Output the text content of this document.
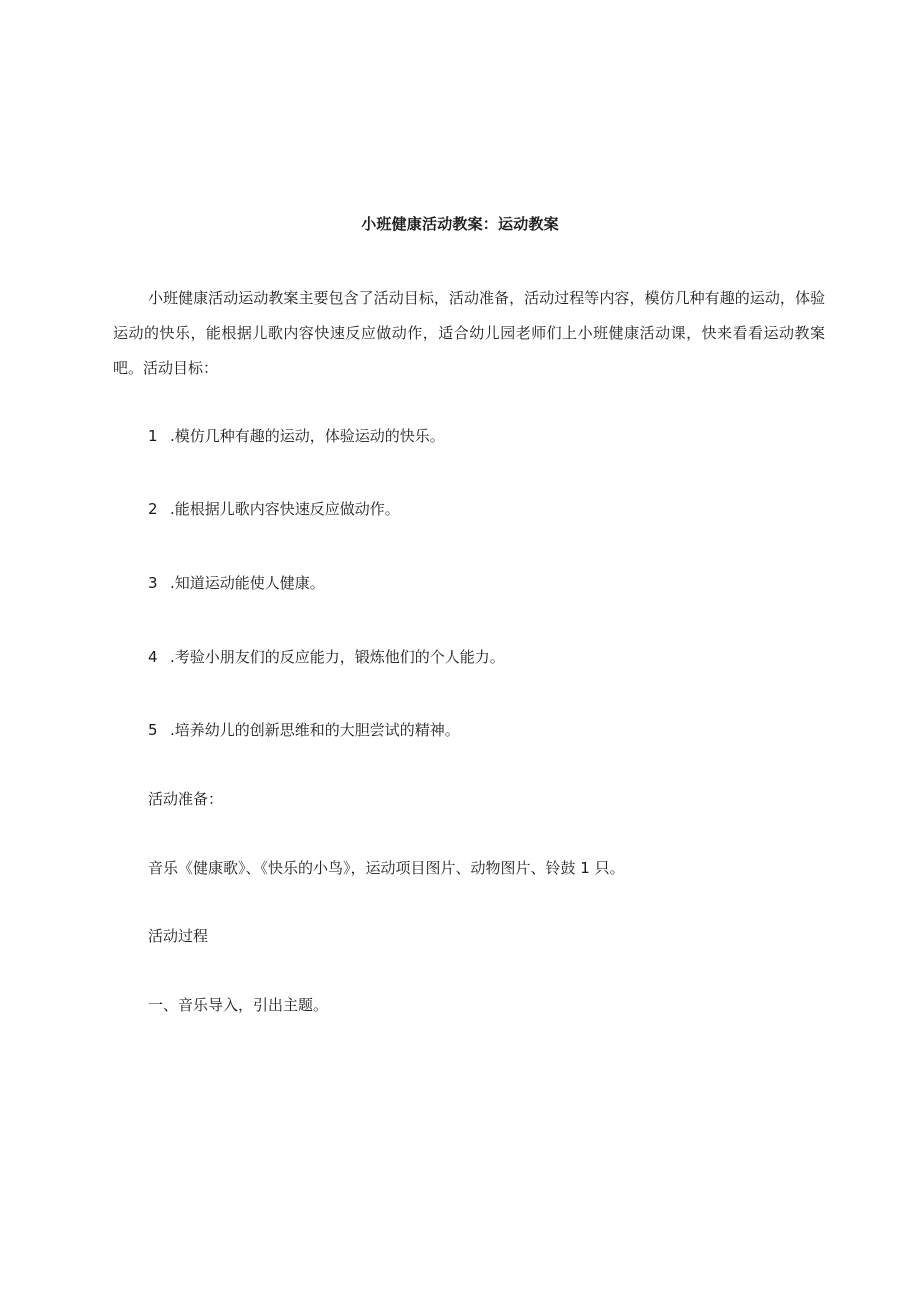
小班健康活动教案：运动教案

小班健康活动运动教案主要包含了活动目标，活动准备，活动过程等内容，模仿几种有趣的运动，体验运动的快乐，能根据儿歌内容快速反应做动作，适合幼儿园老师们上小班健康活动课，快来看看运动教案吧。活动目标：

1 .模仿几种有趣的运动，体验运动的快乐。
2 .能根据儿歌内容快速反应做动作。
3 .知道运动能使人健康。
4 .考验小朋友们的反应能力，锻炼他们的个人能力。
5 .培养幼儿的创新思维和的大胆尝试的精神。
活动准备：
音乐《健康歌》、《快乐的小鸟》，运动项目图片、动物图片、铃鼓 1 只。
活动过程
一、音乐导入，引出主题。
